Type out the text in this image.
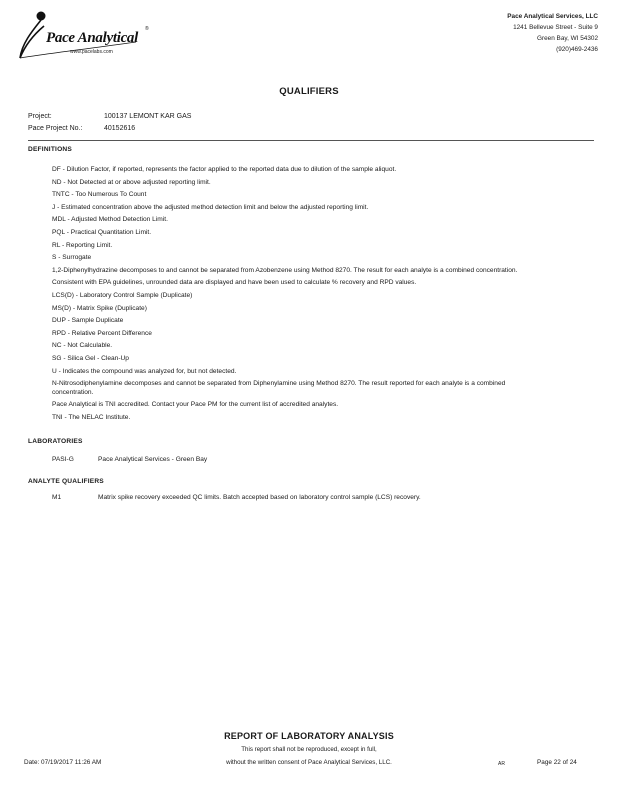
Pace Analytical
®
www.pacelabs.com
Pace Analytical Services, LLC
1241 Bellevue Street - Suite 9
Green Bay, WI 54302
(920)469-2436
QUALIFIERS
Project:	100137 LEMONT KAR GAS
Pace Project No.:	40152616
DEFINITIONS

DF - Dilution Factor, if reported, represents the factor applied to the reported data due to dilution of the sample aliquot.

ND - Not Detected at or above adjusted reporting limit.

TNTC - Too Numerous To Count

J - Estimated concentration above the adjusted method detection limit and below the adjusted reporting limit.

MDL - Adjusted Method Detection Limit.

PQL - Practical Quantitation Limit.

RL - Reporting Limit.

S - Surrogate

1,2-Diphenylhydrazine decomposes to and cannot be separated from Azobenzene using Method 8270. The result for each analyte is a combined concentration.

Consistent with EPA guidelines, unrounded data are displayed and have been used to calculate % recovery and RPD values.

LCS(D) - Laboratory Control Sample (Duplicate)

MS(D) - Matrix Spike (Duplicate)

DUP - Sample Duplicate

RPD - Relative Percent Difference

NC - Not Calculable.

SG - Silica Gel - Clean-Up

U - Indicates the compound was analyzed for, but not detected.

N-Nitrosodiphenylamine decomposes and cannot be separated from Diphenylamine using Method 8270. The result reported for each analyte is a combined concentration.

Pace Analytical is TNI accredited. Contact your Pace PM for the current list of accredited analytes.

TNI - The NELAC Institute.

LABORATORIES
PASI-G	Pace Analytical Services - Green Bay
ANALYTE QUALIFIERS
M1	Matrix spike recovery exceeded QC limits. Batch accepted based on laboratory control sample (LCS) recovery.
REPORT OF LABORATORY ANALYSIS
This report shall not be reproduced, except in full,
without the written consent of Pace Analytical Services, LLC.
Date: 07/19/2017 11:26 AM	AR	Page 22 of 24
